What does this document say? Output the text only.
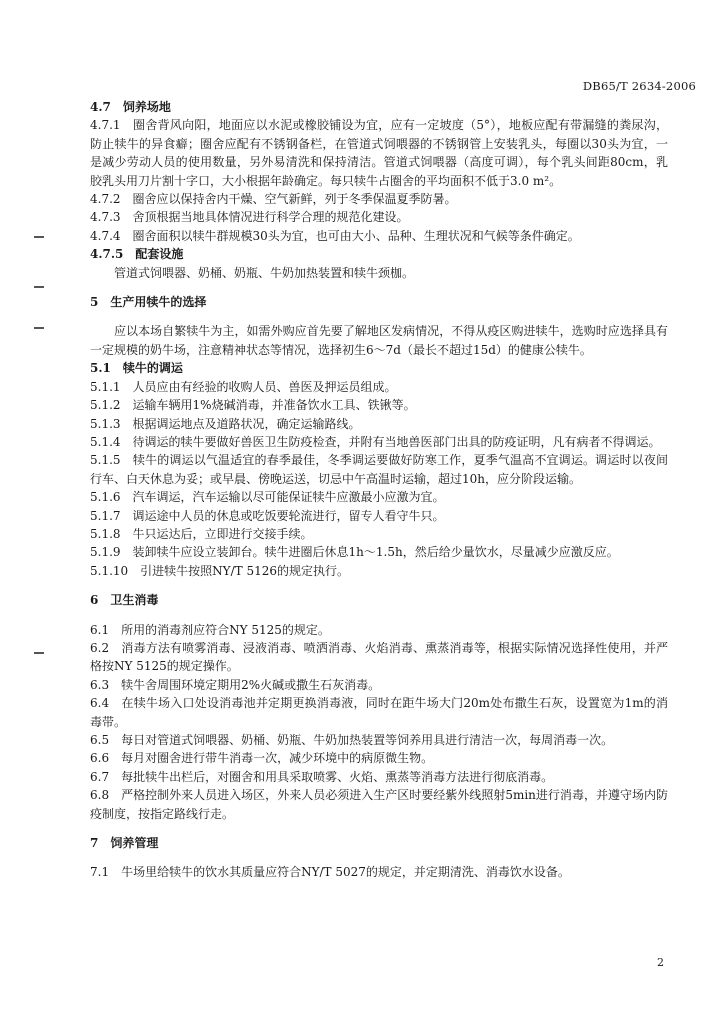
DB65/T 2634-2006

4.7　饲养场地

4.7.1　圈舍背风向阳，地面应以水泥或橡胶铺设为宜，应有一定坡度（5°），地板应配有带漏缝的粪尿沟，防止犊牛的异食癖；圈舍应配有不锈钢备栏，在管道式饲喂器的不锈钢管上安装乳头，每圈以30头为宜，一是减少劳动人员的使用数量，另外易清洗和保持清洁。管道式饲喂器（高度可调），每个乳头间距80cm，乳胶乳头用刀片割十字口，大小根据年龄确定。每只犊牛占圈舍的平均面积不低于3.0 m²。

4.7.2　圈舍应以保持舍内干燥、空气新鲜，列于冬季保温夏季防暑。

4.7.3　舍顶根据当地具体情况进行科学合理的规范化建设。

4.7.4　圈舍面积以犊牛群规模30头为宜，也可由大小、品种、生理状况和气候等条件确定。

4.7.5　配套设施

管道式饲喂器、奶桶、奶瓶、牛奶加热装置和犊牛颈枷。

5　生产用犊牛的选择

应以本场自繁犊牛为主，如需外购应首先要了解地区发病情况，不得从疫区购进犊牛，选购时应选择具有一定规模的奶牛场，注意精神状态等情况，选择初生6～7d（最长不超过15d）的健康公犊牛。

5.1　犊牛的调运

5.1.1　人员应由有经验的收购人员、兽医及押运员组成。

5.1.2　运输车辆用1%烧碱消毒，并准备饮水工具、铁锹等。

5.1.3　根据调运地点及道路状况，确定运输路线。

5.1.4　待调运的犊牛要做好兽医卫生防疫检查，并附有当地兽医部门出具的防疫证明，凡有病者不得调运。

5.1.5　犊牛的调运以气温适宜的春季最佳，冬季调运要做好防寒工作，夏季气温高不宜调运。调运时以夜间行车、白天休息为妥；或早晨、傍晚运送，切忌中午高温时运输，超过10h，应分阶段运输。

5.1.6　汽车调运，汽车运输以尽可能保证犊牛应激最小应激为宜。

5.1.7　调运途中人员的休息或吃饭要轮流进行，留专人看守牛只。

5.1.8　牛只运达后，立即进行交接手续。

5.1.9　装卸犊牛应设立装卸台。犊牛进圈后休息1h～1.5h，然后给少量饮水，尽量减少应激反应。

5.1.10　引进犊牛按照NY/T 5126的规定执行。

6　卫生消毒

6.1　所用的消毒剂应符合NY 5125的规定。

6.2　消毒方法有喷雾消毒、浸液消毒、喷洒消毒、火焰消毒、熏蒸消毒等，根据实际情况选择性使用，并严格按NY 5125的规定操作。

6.3　犊牛舍周围环境定期用2%火碱或撒生石灰消毒。

6.4　在犊牛场入口处设消毒池并定期更换消毒液，同时在距牛场大门20m处布撒生石灰，设置宽为1m的消毒带。

6.5　每日对管道式饲喂器、奶桶、奶瓶、牛奶加热装置等饲养用具进行清洁一次，每周消毒一次。

6.6　每月对圈舍进行带牛消毒一次，减少环境中的病原微生物。

6.7　每批犊牛出栏后，对圈舍和用具采取喷雾、火焰、熏蒸等消毒方法进行彻底消毒。

6.8　严格控制外来人员进入场区，外来人员必须进入生产区时要经紫外线照射5min进行消毒，并遵守场内防疫制度，按指定路线行走。

7　饲养管理

7.1　牛场里给犊牛的饮水其质量应符合NY/T 5027的规定，并定期清洗、消毒饮水设备。

2
